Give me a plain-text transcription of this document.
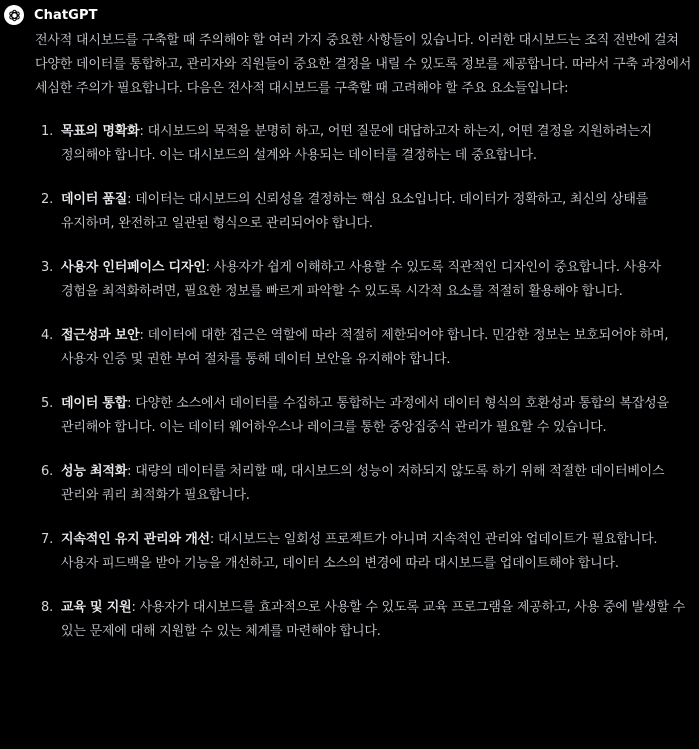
ChatGPT

전사적 대시보드를 구축할 때 주의해야 할 여러 가지 중요한 사항들이 있습니다. 이러한 대시보드는 조직 전반에 걸쳐 다양한 데이터를 통합하고, 관리자와 직원들이 중요한 결정을 내릴 수 있도록 정보를 제공합니다. 따라서 구축 과정에서 세심한 주의가 필요합니다. 다음은 전사적 대시보드를 구축할 때 고려해야 할 주요 요소들입니다:

1. 목표의 명확화: 대시보드의 목적을 분명히 하고, 어떤 질문에 대답하고자 하는지, 어떤 결정을 지원하려는지 정의해야 합니다. 이는 대시보드의 설계와 사용되는 데이터를 결정하는 데 중요합니다.
2. 데이터 품질: 데이터는 대시보드의 신뢰성을 결정하는 핵심 요소입니다. 데이터가 정확하고, 최신의 상태를 유지하며, 완전하고 일관된 형식으로 관리되어야 합니다.
3. 사용자 인터페이스 디자인: 사용자가 쉽게 이해하고 사용할 수 있도록 직관적인 디자인이 중요합니다. 사용자 경험을 최적화하려면, 필요한 정보를 빠르게 파악할 수 있도록 시각적 요소를 적절히 활용해야 합니다.
4. 접근성과 보안: 데이터에 대한 접근은 역할에 따라 적절히 제한되어야 합니다. 민감한 정보는 보호되어야 하며, 사용자 인증 및 권한 부여 절차를 통해 데이터 보안을 유지해야 합니다.
5. 데이터 통합: 다양한 소스에서 데이터를 수집하고 통합하는 과정에서 데이터 형식의 호환성과 통합의 복잡성을 관리해야 합니다. 이는 데이터 웨어하우스나 레이크를 통한 중앙집중식 관리가 필요할 수 있습니다.
6. 성능 최적화: 대량의 데이터를 처리할 때, 대시보드의 성능이 저하되지 않도록 하기 위해 적절한 데이터베이스 관리와 쿼리 최적화가 필요합니다.
7. 지속적인 유지 관리와 개선: 대시보드는 일회성 프로젝트가 아니며 지속적인 관리와 업데이트가 필요합니다. 사용자 피드백을 받아 기능을 개선하고, 데이터 소스의 변경에 따라 대시보드를 업데이트해야 합니다.
8. 교육 및 지원: 사용자가 대시보드를 효과적으로 사용할 수 있도록 교육 프로그램을 제공하고, 사용 중에 발생할 수 있는 문제에 대해 지원할 수 있는 체계를 마련해야 합니다.
